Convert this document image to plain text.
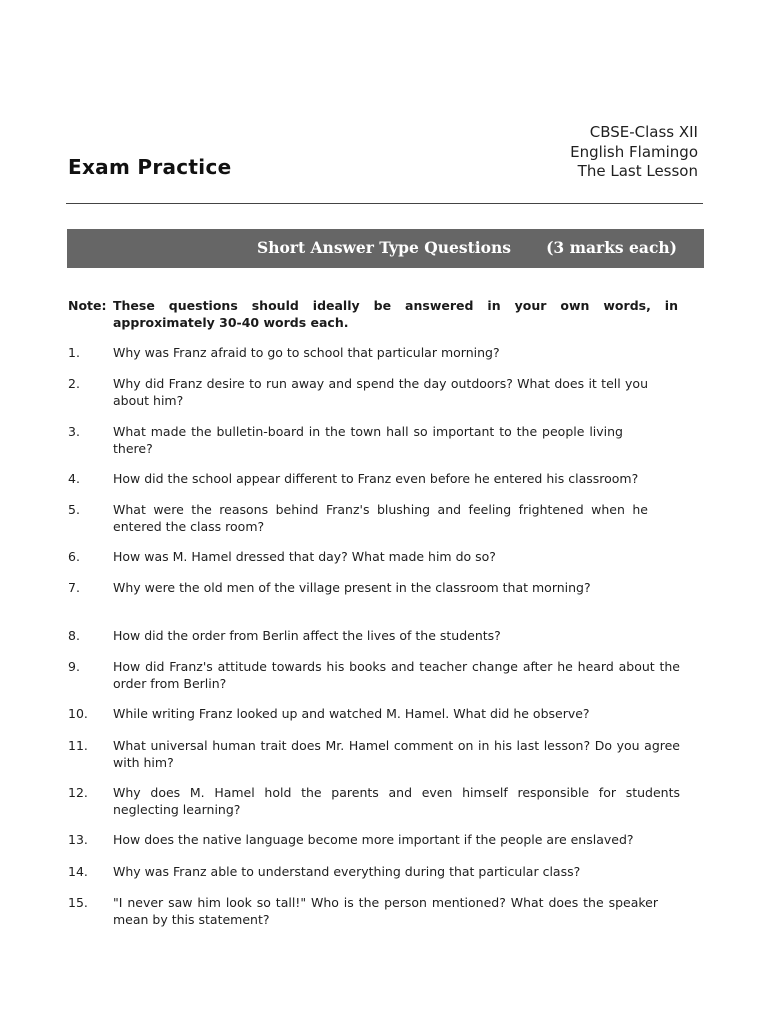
CBSE-Class XII
English Flamingo
The Last Lesson
Exam Practice
Short Answer Type Questions (3 marks each)
Note: These questions should ideally be answered in your own words, in approximately 30-40 words each.
1.	Why was Franz afraid to go to school that particular morning?
2.	Why did Franz desire to run away and spend the day outdoors? What does it tell you about him?
3.	What made the bulletin-board in the town hall so important to the people living there?
4.	How did the school appear different to Franz even before he entered his classroom?
5.	What were the reasons behind Franz's blushing and feeling frightened when he entered the class room?
6.	How was M. Hamel dressed that day? What made him do so?
7.	Why were the old men of the village present in the classroom that morning?
8.	How did the order from Berlin affect the lives of the students?
9.	How did Franz's attitude towards his books and teacher change after he heard about the order from Berlin?
10. While writing Franz looked up and watched M. Hamel. What did he observe?
11. What universal human trait does Mr. Hamel comment on in his last lesson? Do you agree with him?
12. Why does M. Hamel hold the parents and even himself responsible for students neglecting learning?
13. How does the native language become more important if the people are enslaved?
14. Why was Franz able to understand everything during that particular class?
15. "I never saw him look so tall!" Who is the person mentioned? What does the speaker mean by this statement?
